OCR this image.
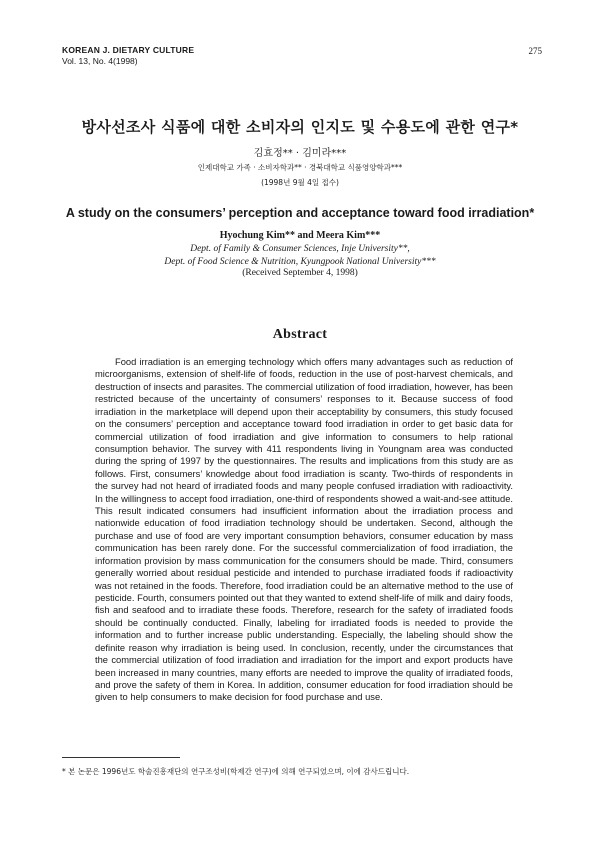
KOREAN J. DIETARY CULTURE
Vol. 13, No. 4(1998)
275
방사선조사 식품에 대한 소비자의 인지도 및 수용도에 관한 연구*
김효정** · 김미라***
인제대학교 가족 · 소비자학과** · 경북대학교 식품영양학과***
(1998년 9월 4일 접수)
A study on the consumers’ perception and acceptance toward food irradiation*
Hyochung Kim** and Meera Kim***
Dept. of Family & Consumer Sciences, Inje University**,
Dept. of Food Science & Nutrition, Kyungpook National University***
(Received September 4, 1998)
Abstract
Food irradiation is an emerging technology which offers many advantages such as reduction of microorganisms, extension of shelf-life of foods, reduction in the use of post-harvest chemicals, and destruction of insects and parasites. The commercial utilization of food irradiation, however, has been restricted because of the uncertainty of consumers’ responses to it. Because success of food irradiation in the marketplace will depend upon their acceptability by consumers, this study focused on the consumers’ perception and acceptance toward food irradiation in order to get basic data for commercial utilization of food irradiation and give information to consumers to help rational consumption behavior. The survey with 411 respondents living in Youngnam area was conducted during the spring of 1997 by the questionnaires. The results and implications from this study are as follows. First, consumers’ knowledge about food irradiation is scanty. Two-thirds of respondents in the survey had not heard of irradiated foods and many people confused irradiation with radioactivity. In the willingness to accept food irradiation, one-third of respondents showed a wait-and-see attitude. This result indicated consumers had insufficient information about the irradiation process and nationwide education of food irradiation technology should be undertaken. Second, although the purchase and use of food are very important consumption behaviors, consumer education by mass communication has been rarely done. For the successful commercialization of food irradiation, the information provision by mass communication for the consumers should be made. Third, consumers generally worried about residual pesticide and intended to purchase irradiated foods if radioactivity was not retained in the foods. Therefore, food irradiation could be an alternative method to the use of pesticide. Fourth, consumers pointed out that they wanted to extend shelf-life of milk and dairy foods, fish and seafood and to irradiate these foods. Therefore, research for the safety of irradiated foods should be continually conducted. Finally, labeling for irradiated foods is needed to provide the information and to further increase public understanding. Especially, the labeling should show the definite reason why irradiation is being used. In conclusion, recently, under the circumstances that the commercial utilization of food irradiation and irradiation for the import and export products have been increased in many countries, many efforts are needed to improve the quality of irradiated foods, and prove the safety of them in Korea. In addition, consumer education for food irradiation should be given to help consumers to make decision for food purchase and use.
* 본 논문은 1996년도 학술진흥재단의 연구조성비(학제간 연구)에 의해 연구되었으며, 이에 감사드립니다.
